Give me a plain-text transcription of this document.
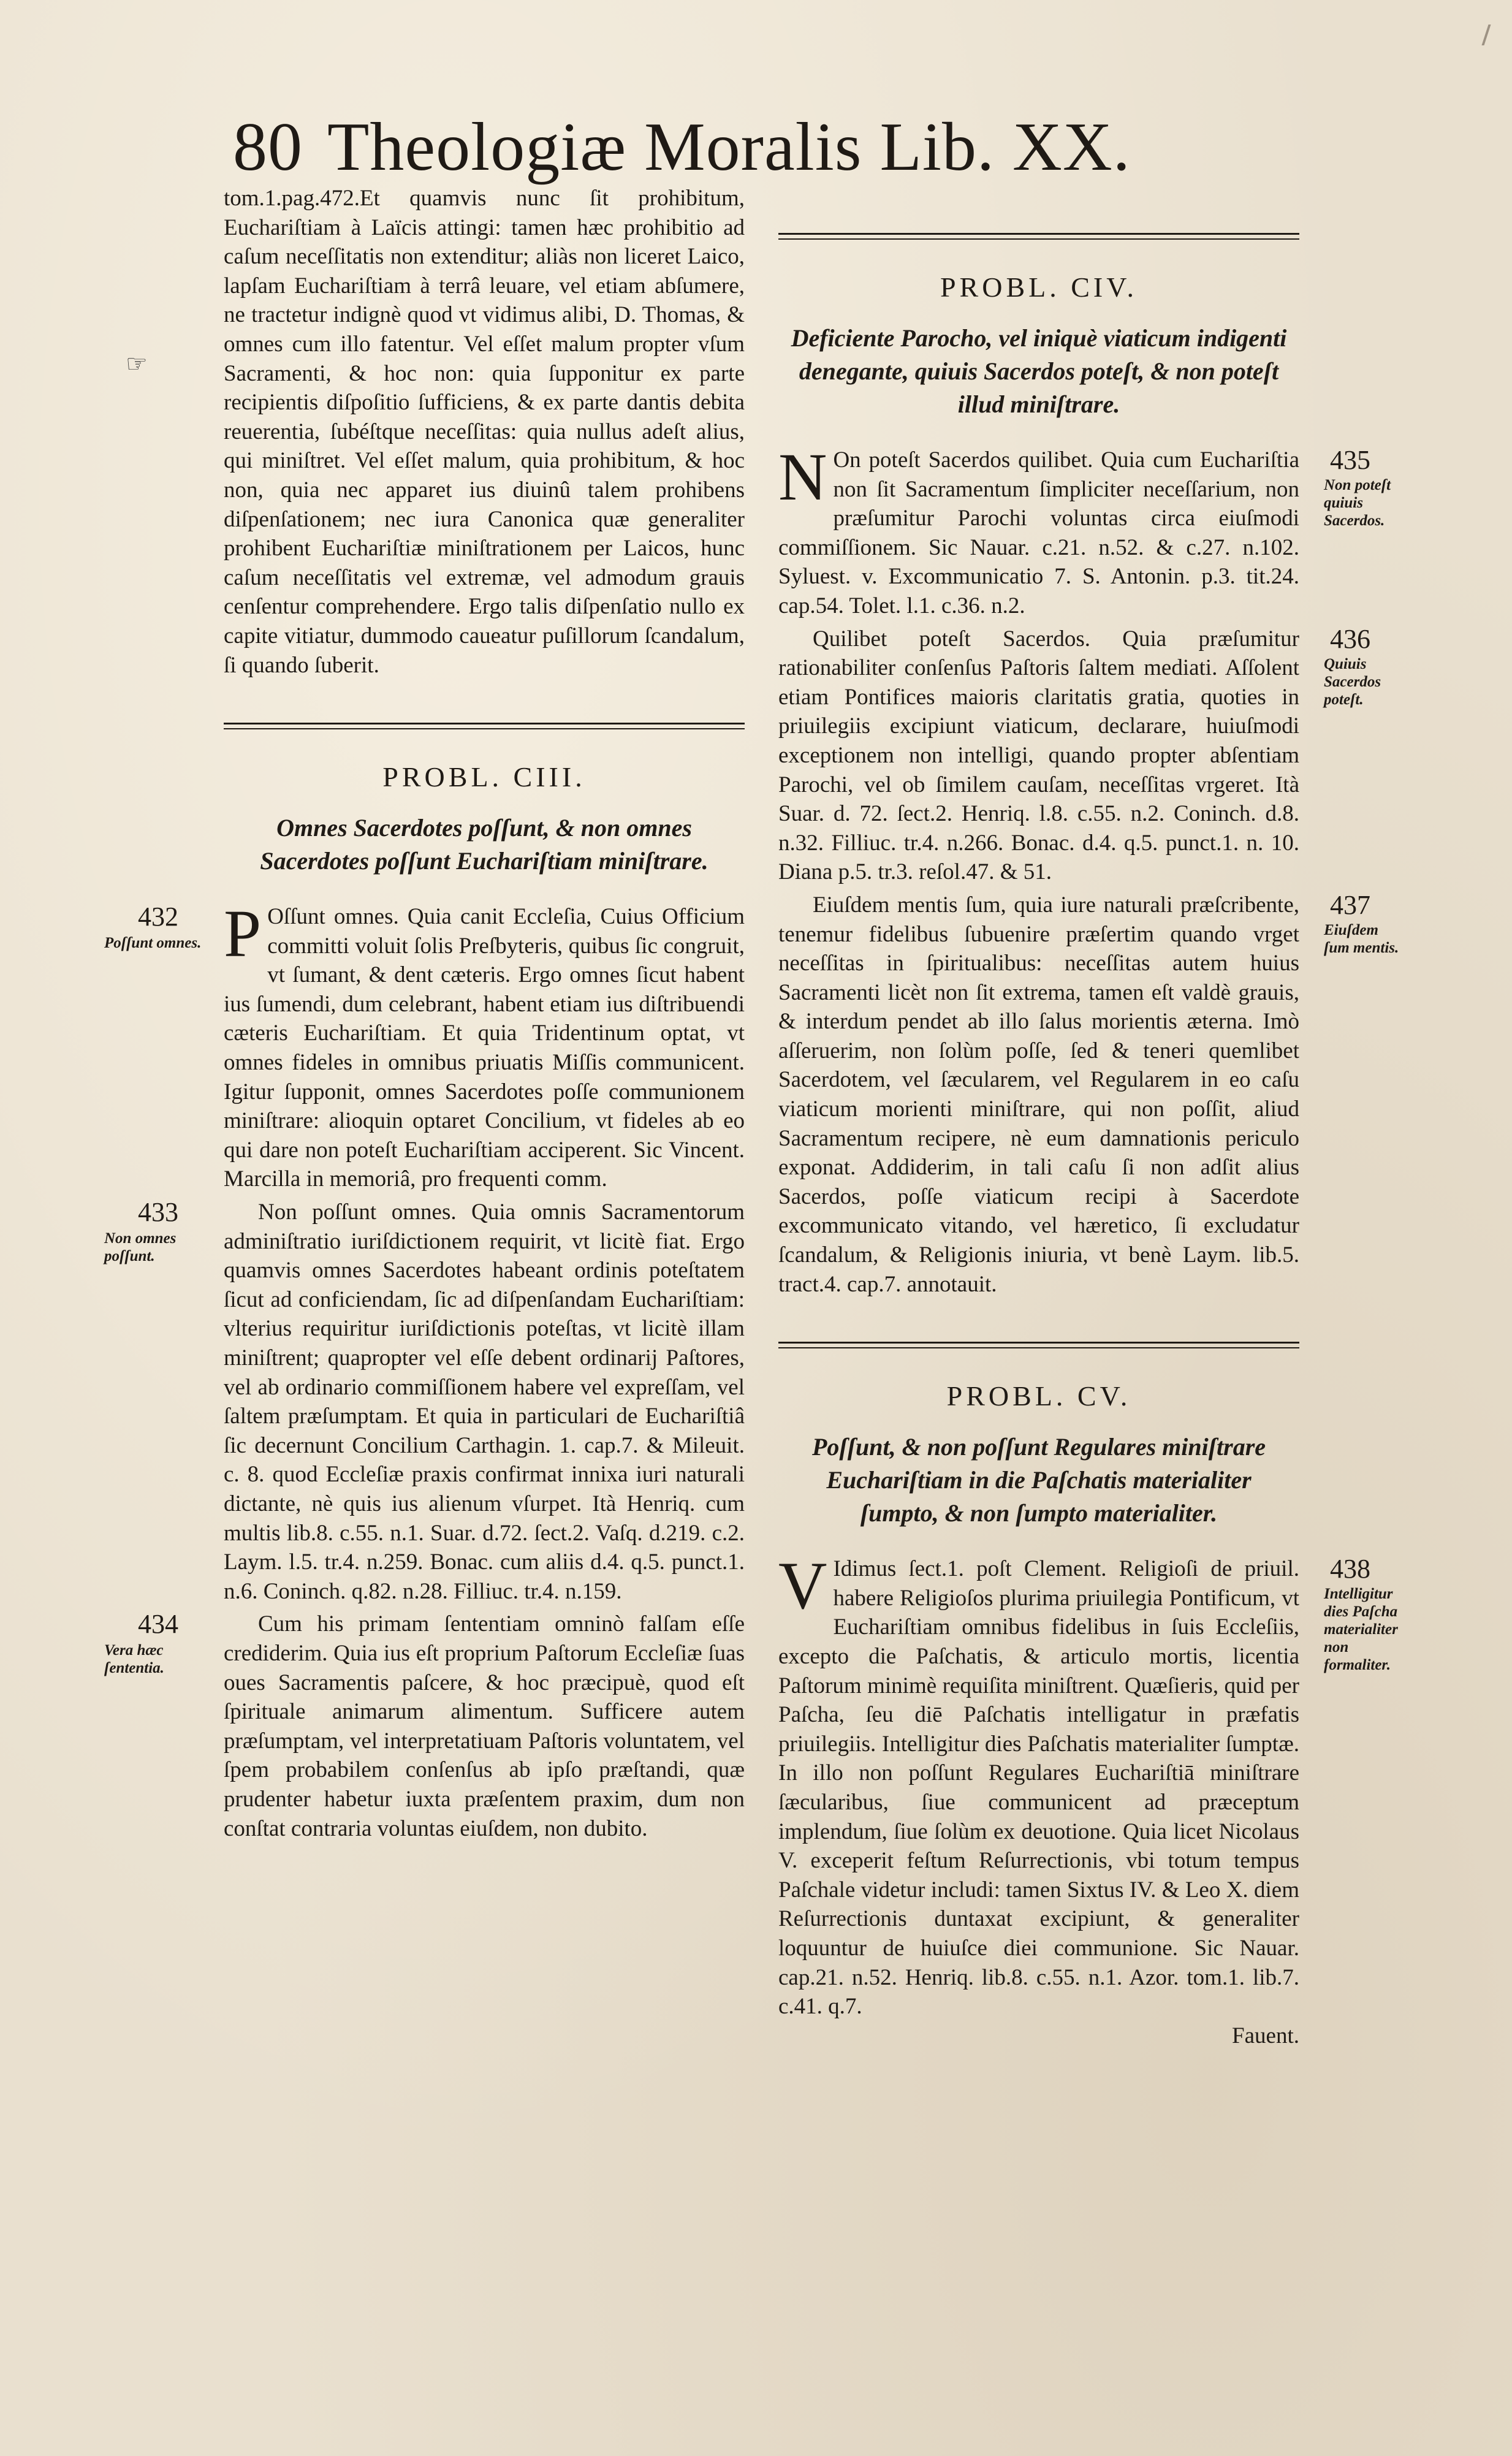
80 Theologiæ Moralis Lib. XX.

tom.1.pag.472.Et quamvis nunc ſit prohibitum, Euchariſtiam à Laïcis attingi: tamen hæc prohibitio ad caſum neceſſitatis non extenditur; aliàs non liceret Laico, lapſam Euchariſtiam à terrâ leuare, vel etiam abſumere, ne tractetur indignè quod vt vidimus alibi, D. Thomas, & omnes cum illo fatentur. Vel eſſet malum propter vſum Sacramenti, & hoc non: quia ſupponitur ex parte recipientis diſpoſitio ſufficiens, & ex parte dantis debita reuerentia, ſubéſtque neceſſitas: quia nullus adeſt alius, qui miniſtret. Vel eſſet malum, quia prohibitum, & hoc non, quia nec apparet ius diuinû talem prohibens diſpenſationem; nec iura Canonica quæ generaliter prohibent Euchariſtiæ miniſtrationem per Laicos, hunc caſum neceſſitatis vel extremæ, vel admodum grauis cenſentur comprehendere. Ergo talis diſpenſatio nullo ex capite vitiatur, dummodo caueatur puſillorum ſcandalum, ſi quando ſuberit.

☞
PROBL. CIII.
Omnes Sacerdotes poſſunt, & non omnes Sacerdotes poſſunt Euchariſtiam miniſtrare.
432
Poſſunt omnes. P Oſſunt omnes. Quia canit Eccleſia, Cuius Officium committi voluit ſolis Preſbyteris, quibus ſic congruit, vt ſumant, & dent cæteris. Ergo omnes ſicut habent ius ſumendi, dum celebrant, habent etiam ius diſtribuendi cæteris Euchariſtiam. Et quia Tridentinum optat, vt omnes fideles in omnibus priuatis Miſſis communicent. Igitur ſupponit, omnes Sacerdotes poſſe communionem miniſtrare: alioquin optaret Concilium, vt fideles ab eo qui dare non poteſt Euchariſtiam acciperent. Sic Vincent. Marcilla in memoriâ, pro frequenti comm.
433
Non omnes poſſunt.
Non poſſunt omnes. Quia omnis Sacramentorum adminiſtratio iuriſdictionem requirit, vt licitè fiat. Ergo quamvis omnes Sacerdotes habeant ordinis poteſtatem ſicut ad conficiendam, ſic ad diſpenſandam Euchariſtiam: vlterius requiritur iuriſdictionis poteſtas, vt licitè illam miniſtrent; quapropter vel eſſe debent ordinarij Paſtores, vel ab ordinario commiſſionem habere vel expreſſam, vel ſaltem præſumptam. Et quia in particulari de Euchariſtiâ ſic decernunt Concilium Carthagin. 1. cap.7. & Mileuit. c. 8. quod Eccleſiæ praxis confirmat innixa iuri naturali dictante, nè quis ius alienum vſurpet. Ità Henriq. cum multis lib.8. c.55. n.1. Suar. d.72. ſect.2. Vaſq. d.219. c.2. Laym. l.5. tr.4. n.259. Bonac. cum aliis d.4. q.5. punct.1. n.6. Coninch. q.82. n.28. Filliuc. tr.4. n.159.
434
Vera hæc ſententia.
Cum his primam ſententiam omninò falſam eſſe crediderim. Quia ius eſt proprium Paſtorum Eccleſiæ ſuas oues Sacramentis paſcere, & hoc præcipuè, quod eſt ſpirituale animarum alimentum. Sufficere autem præſumptam, vel interpretatiuam Paſtoris voluntatem, vel ſpem probabilem conſenſus ab ipſo præſtandi, quæ prudenter habetur iuxta præſentem praxim, dum non conſtat contraria voluntas eiuſdem, non dubito.
PROBL. CIV.
Deficiente Parocho, vel iniquè viaticum indigenti denegante, quiuis Sacerdos poteſt, & non poteſt illud miniſtrare.
435
Non poteſt quiuis Sacerdos.
N On poteſt Sacerdos quilibet. Quia cum Euchariſtia non ſit Sacramentum ſimpliciter neceſſarium, non præſumitur Parochi voluntas circa eiuſmodi commiſſionem. Sic Nauar. c.21. n.52. & c.27. n.102. Syluest. v. Excommunicatio 7. S. Antonin. p.3. tit.24. cap.54. Tolet. l.1. c.36. n.2.
436
Quiuis Sacerdos poteſt.
Quilibet poteſt Sacerdos. Quia præſumitur rationabiliter conſenſus Paſtoris ſaltem mediati. Aſſolent etiam Pontifices maioris claritatis gratia, quoties in priuilegiis excipiunt viaticum, declarare, huiuſmodi exceptionem non intelligi, quando propter abſentiam Parochi, vel ob ſimilem cauſam, neceſſitas vrgeret. Ità Suar. d. 72. ſect.2. Henriq. l.8. c.55. n.2. Coninch. d.8. n.32. Filliuc. tr.4. n.266. Bonac. d.4. q.5. punct.1. n. 10. Diana p.5. tr.3. reſol.47. & 51.
437
Eiuſdem ſum mentis.
Eiuſdem mentis ſum, quia iure naturali præſcribente, tenemur fidelibus ſubuenire præſertim quando vrget neceſſitas in ſpiritualibus: neceſſitas autem huius Sacramenti licèt non ſit extrema, tamen eſt valdè grauis, & interdum pendet ab illo ſalus morientis æterna. Imò aſſeruerim, non ſolùm poſſe, ſed & teneri quemlibet Sacerdotem, vel ſæcularem, vel Regularem in eo caſu viaticum morienti miniſtrare, qui non poſſit, aliud Sacramentum recipere, nè eum damnationis periculo exponat. Addiderim, in tali caſu ſi non adſit alius Sacerdos, poſſe viaticum recipi à Sacerdote excommunicato vitando, vel hæretico, ſi excludatur ſcandalum, & Religionis iniuria, vt benè Laym. lib.5. tract.4. cap.7. annotauit.
PROBL. CV.
Poſſunt, & non poſſunt Regulares miniſtrare Euchariſtiam in die Paſchatis materialiter ſumpto, & non ſumpto materialiter.
438
Intelligitur dies Paſcha materialiter non formaliter.
V Idimus ſect.1. poſt Clement. Religioſi de priuil. habere Religioſos plurima priuilegia Pontificum, vt Euchariſtiam omnibus fidelibus in ſuis Eccleſiis, excepto die Paſchatis, & articulo mortis, licentia Paſtorum minimè requiſita miniſtrent. Quæſieris, quid per Paſcha, ſeu diē Paſchatis intelligatur in præfatis priuilegiis. Intelligitur dies Paſchatis materialiter ſumptæ. In illo non poſſunt Regulares Euchariſtiā miniſtrare ſæcularibus, ſiue communicent ad præceptum implendum, ſiue ſolùm ex deuotione. Quia licet Nicolaus V. exceperit feſtum Reſurrectionis, vbi totum tempus Paſchale videtur includi: tamen Sixtus IV. & Leo X. diem Reſurrectionis duntaxat excipiunt, & generaliter loquuntur de huiuſce diei communione. Sic Nauar. cap.21. n.52. Henriq. lib.8. c.55. n.1. Azor. tom.1. lib.7. c.41. q.7.

Fauent.
